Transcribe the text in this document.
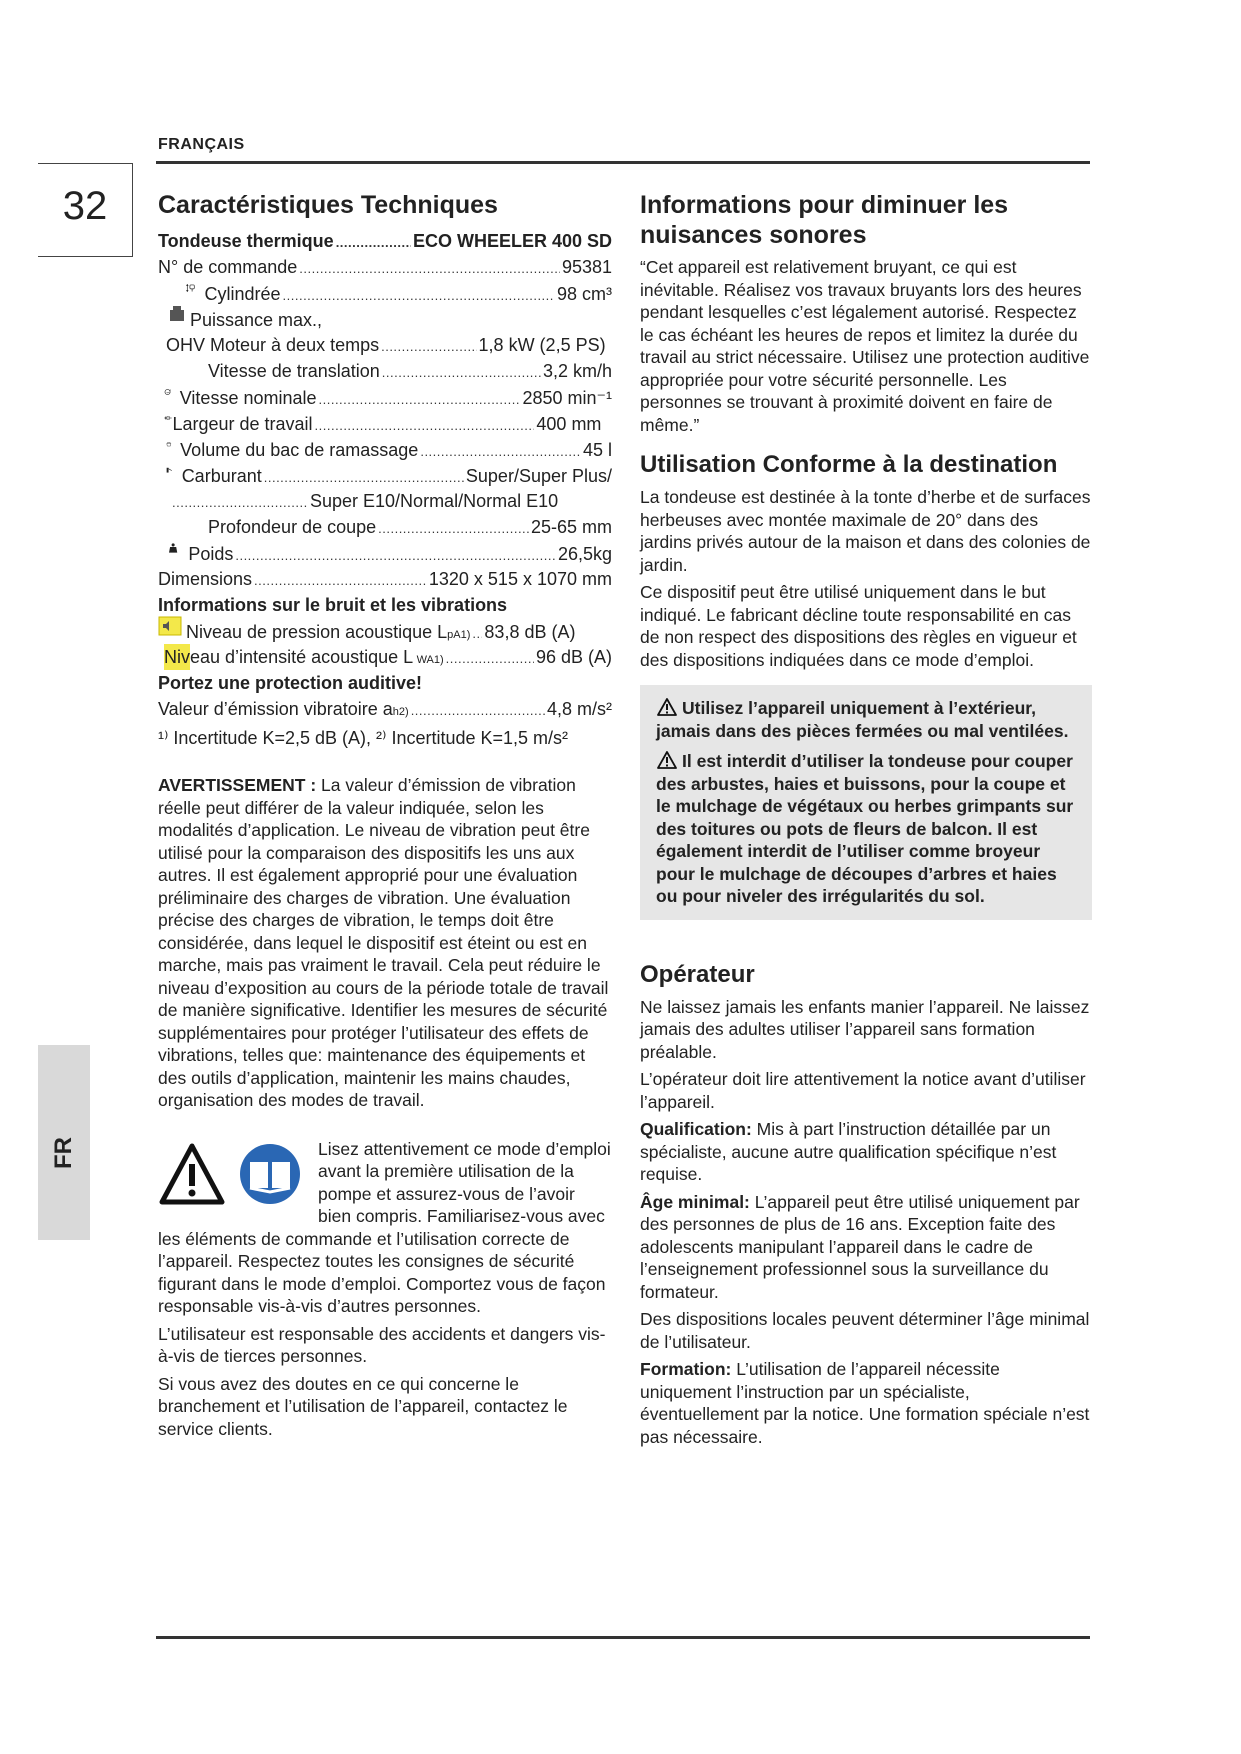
FRANÇAIS
32
FR
Caractéristiques Techniques
Tondeuse thermique .....	ECO WHEELER 400 SD
N° de commande .....	95381
Cylindrée .....	98 cm³
Puissance max.,
OHV Moteur à deux temps .....	1,8 kW (2,5 PS)
Vitesse de translation .....	3,2 km/h
rpm Vitesse nominale .....	2850 min⁻¹
Largeur de travail .....	400 mm
Volume du bac de ramassage .....	45 l
Carburant .....	Super/Super Plus/
.....
Super E10/Normal/Normal E10
Profondeur de coupe .....	25-65 mm
Poids .....	26,5kg
Dimensions .....	1320 x 515 x 1070 mm
Informations sur le bruit et les vibrations
Niveau de pression acoustique L pA 1) ..... 83,8 dB (A)
Niv eau d’intensité acoustique L WA 1) .....	96 dB (A)
Portez une protection auditive!
Valeur d’émission vibratoire a h 2) .....	4,8 m/s²
¹⁾ Incertitude K=2,5 dB (A), ²⁾ Incertitude K=1,5 m/s²

AVERTISSEMENT : La valeur d’émission de vibration réelle peut différer de la valeur indiquée, selon les modalités d’application. Le niveau de vibration peut être utilisé pour la comparaison des dispositifs les uns aux autres. Il est également approprié pour une évaluation préliminaire des charges de vibration. Une évaluation précise des charges de vibration, le temps doit être considérée, dans lequel le dispositif est éteint ou est en marche, mais pas vraiment le travail. Cela peut réduire le niveau d’exposition au cours de la période totale de travail de manière significative. Identifier les mesures de sécurité supplémentaires pour protéger l’utilisateur des effets de vibrations, telles que: maintenance des équipements et des outils d’application, maintenir les mains chaudes, organisation des modes de travail.

Lisez attentivement ce mode d’emploi avant la première utilisation de la pompe et assurez-vous de l’avoir bien compris. Familiarisez-vous avec les éléments de commande et l’utilisation correcte de l’appareil. Respectez toutes les consignes de sécurité figurant dans le mode d’emploi. Comportez vous de façon responsable vis-à-vis d’autres personnes.

L’utilisateur est responsable des accidents et dangers vis-à-vis de tierces personnes.

Si vous avez des doutes en ce qui concerne le branchement et l’utilisation de l’appareil, contactez le service clients.

Informations pour diminuer les nuisances sonores

“Cet appareil est relativement bruyant, ce qui est inévitable. Réalisez vos travaux bruyants lors des heures pendant lesquelles c’est légalement autorisé. Respectez le cas échéant les heures de repos et limitez la durée du travail au strict nécessaire. Utilisez une protection auditive appropriée pour votre sécurité personnelle. Les personnes se trouvant à proximité doivent en faire de même.”

Utilisation Conforme à la destination

La tondeuse est destinée à la tonte d’herbe et de surfaces herbeuses avec montée maximale de 20° dans des jardins privés autour de la maison et dans des colonies de jardin.

Ce dispositif peut être utilisé uniquement dans le but indiqué. Le fabricant décline toute responsabilité en cas de non respect des dispositions des règles en vigueur et des dispositions indiquées dans ce mode d’emploi.

Utilisez l’appareil uniquement à l’extérieur, jamais dans des pièces fermées ou mal ventilées.

Il est interdit d’utiliser la tondeuse pour couper des arbustes, haies et buissons, pour la coupe et le mulchage de végétaux ou herbes grimpants sur des toitures ou pots de fleurs de balcon. Il est également interdit de l’utiliser comme broyeur pour le mulchage de découpes d’arbres et haies ou pour niveler des irrégularités du sol.

Opérateur

Ne laissez jamais les enfants manier l’appareil. Ne laissez jamais des adultes utiliser l’appareil sans formation préalable.

L’opérateur doit lire attentivement la notice avant d’utiliser l’appareil.

Qualification: Mis à part l’instruction détaillée par un spécialiste, aucune autre qualification spécifique n’est requise.

Âge minimal: L’appareil peut être utilisé uniquement par des personnes de plus de 16 ans. Exception faite des adolescents manipulant l’appareil dans le cadre de l’enseignement professionnel sous la surveillance du formateur.

Des dispositions locales peuvent déterminer l’âge minimal de l’utilisateur.

Formation: L’utilisation de l’appareil nécessite uniquement l’instruction par un spécialiste, éventuellement par la notice. Une formation spéciale n’est pas nécessaire.
